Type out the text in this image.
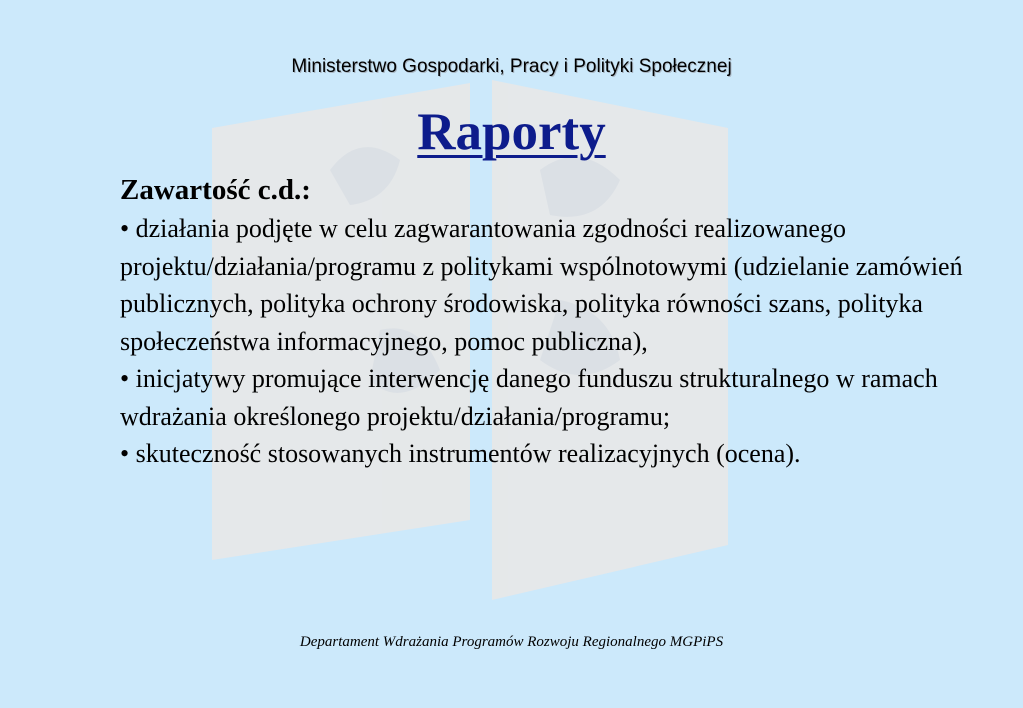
Ministerstwo Gospodarki, Pracy i Polityki Społecznej
Raporty
Zawartość c.d.:
• działania podjęte w celu zagwarantowania zgodności realizowanego projektu/działania/programu z politykami wspólnotowymi (udzielanie zamówień publicznych, polityka ochrony środowiska, polityka równości szans, polityka społeczeństwa informacyjnego, pomoc publiczna),
• inicjatywy promujące interwencję danego funduszu strukturalnego w ramach wdrażania określonego projektu/działania/programu;
• skuteczność stosowanych instrumentów realizacyjnych (ocena).
Departament Wdrażania Programów Rozwoju Regionalnego MGPiPS
